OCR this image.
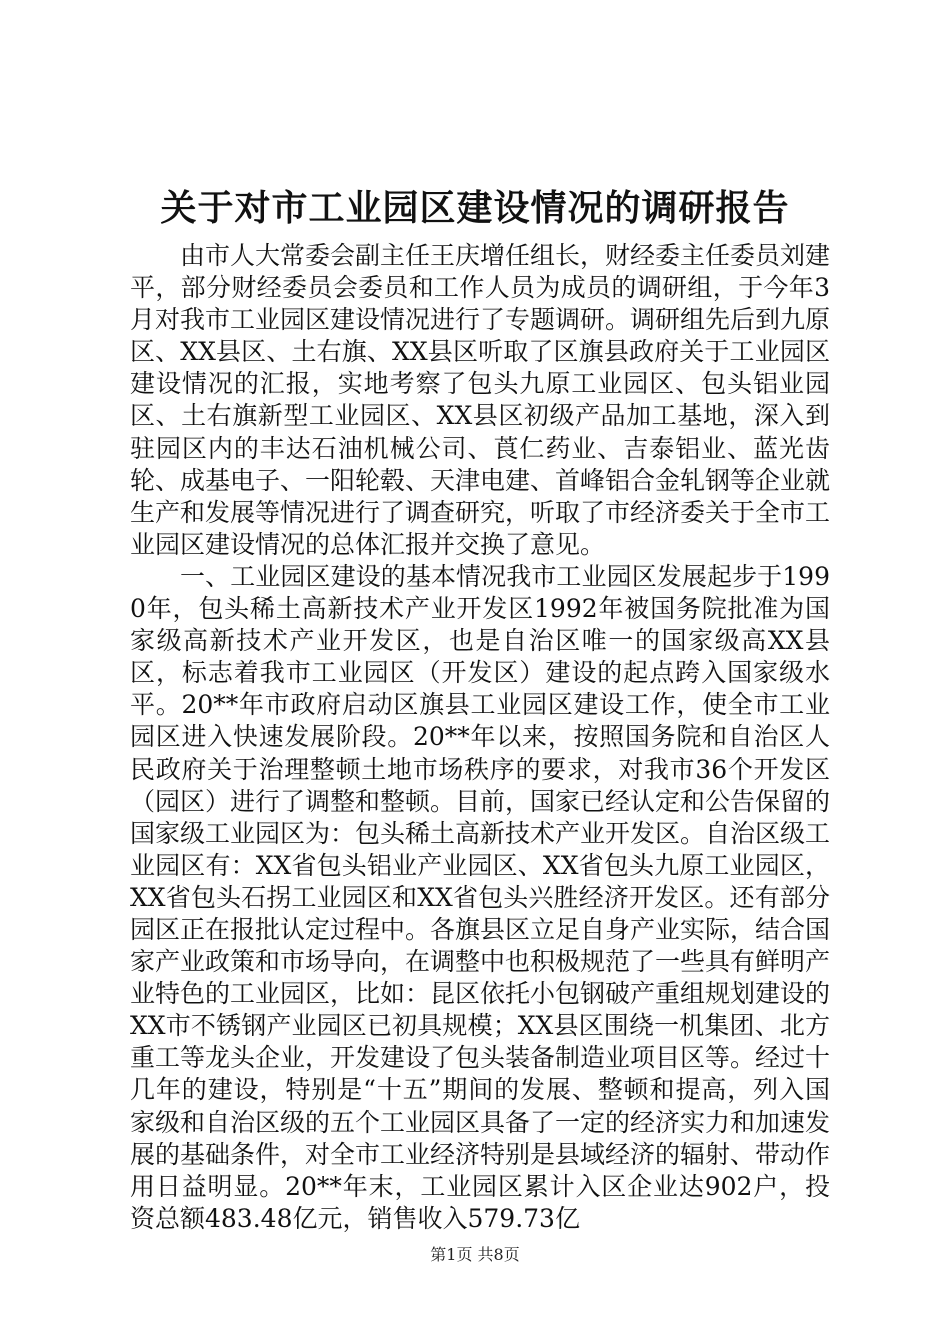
关于对市工业园区建设情况的调研报告

由市人大常委会副主任王庆增任组长，财经委主任委员刘建平，部分财经委员会委员和工作人员为成员的调研组，于今年3月对我市工业园区建设情况进行了专题调研。调研组先后到九原区、XX县区、土右旗、XX县区听取了区旗县政府关于工业园区建设情况的汇报，实地考察了包头九原工业园区、包头铝业园区、土右旗新型工业园区、XX县区初级产品加工基地，深入到驻园区内的丰达石油机械公司、莨仁药业、吉泰铝业、蓝光齿轮、成基电子、一阳轮毂、天津电建、首峰铝合金轧钢等企业就生产和发展等情况进行了调查研究，听取了市经济委关于全市工业园区建设情况的总体汇报并交换了意见。

一、工业园区建设的基本情况我市工业园区发展起步于1990年，包头稀土高新技术产业开发区1992年被国务院批准为国家级高新技术产业开发区，也是自治区唯一的国家级高XX县区，标志着我市工业园区（开发区）建设的起点跨入国家级水平。20**年市政府启动区旗县工业园区建设工作，使全市工业园区进入快速发展阶段。20**年以来，按照国务院和自治区人民政府关于治理整顿土地市场秩序的要求，对我市36个开发区（园区）进行了调整和整顿。目前，国家已经认定和公告保留的国家级工业园区为：包头稀土高新技术产业开发区。自治区级工业园区有：XX省包头铝业产业园区、XX省包头九原工业园区，XX省包头石拐工业园区和XX省包头兴胜经济开发区。还有部分园区正在报批认定过程中。各旗县区立足自身产业实际，结合国家产业政策和市场导向，在调整中也积极规范了一些具有鲜明产业特色的工业园区，比如：昆区依托小包钢破产重组规划建设的XX市不锈钢产业园区已初具规模；XX县区围绕一机集团、北方重工等龙头企业，开发建设了包头装备制造业项目区等。经过十几年的建设，特别是“十五”期间的发展、整顿和提高，列入国家级和自治区级的五个工业园区具备了一定的经济实力和加速发展的基础条件，对全市工业经济特别是县域经济的辐射、带动作用日益明显。20**年末，工业园区累计入区企业达902户，投资总额483.48亿元，销售收入579.73亿

第1页 共8页
